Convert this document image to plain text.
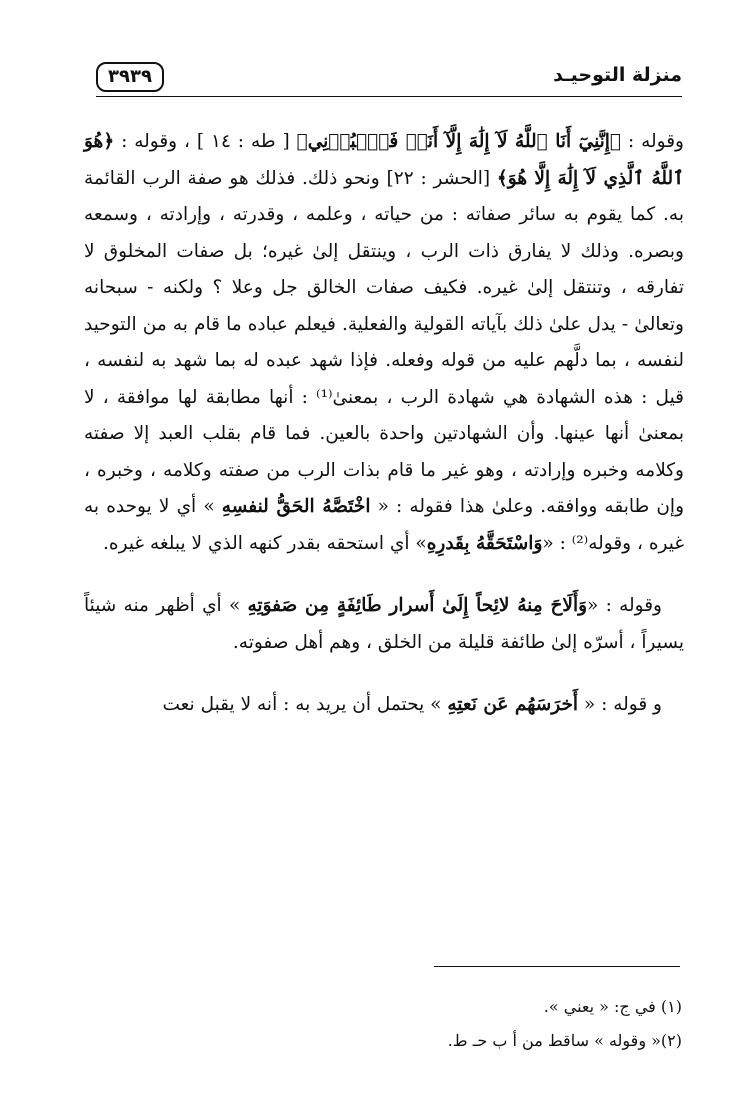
منزلة التوحيـد
٣٩٣٩

وقوله : ﴿إِنَّنِيٓ أَنَا ٱللَّهُ لَآ إِلَٰهَ إِلَّآ أَنَا۠ فَٱعۡبُدۡنِي﴾ [ طه : ١٤ ] ، وقوله : ﴿هُوَ ٱللَّهُ ٱلَّذِي لَآ إِلَٰهَ إِلَّا هُوَ﴾ [الحشر : ٢٢] ونحو ذلك. فذلك هو صفة الرب القائمة به. كما يقوم به سائر صفاته : من حياته ، وعلمه ، وقدرته ، وإرادته ، وسمعه وبصره. وذلك لا يفارق ذات الرب ، وينتقل إلىٰ غيره؛ بل صفات المخلوق لا تفارقه ، وتنتقل إلىٰ غيره. فكيف صفات الخالق جل وعلا ؟ ولكنه - سبحانه وتعالىٰ - يدل علىٰ ذلك بآياته القولية والفعلية. فيعلم عباده ما قام به من التوحيد لنفسه ، بما دلَّهم عليه من قوله وفعله. فإذا شهد عبده له بما شهد به لنفسه ، قيل : هذه الشهادة هي شهادة الرب ، بمعنىٰ⁽¹⁾ : أنها مطابقة لها موافقة ، لا بمعنىٰ أنها عينها. وأن الشهادتين واحدة بالعين. فما قام بقلب العبد إلا صفته وكلامه وخبره وإرادته ، وهو غير ما قام بذات الرب من صفته وكلامه ، وخبره ، وإن طابقه ووافقه. وعلىٰ هذا فقوله : « اخْتَصَّهُ الحَقُّ لنفسِهِ » أي لا يوحده به غيره ، وقوله⁽²⁾ : «وَاسْتَحَقَّهُ بِقَدرِهِ» أي استحقه بقدر كنهه الذي لا يبلغه غيره.

وقوله : «وَأَلَاحَ مِنهُ لائِحاً إِلَىٰ أَسرار طَائِفَةٍ مِن صَفوَتِهِ » أي أظهر منه شيئاً يسيراً ، أسرّه إلىٰ طائفة قليلة من الخلق ، وهم أهل صفوته.

و قوله : « أَخرَسَهُم عَن نَعتِهِ » يحتمل أن يريد به : أنه لا يقبل نعت

(١) في ج: « يعني ».

(٢)« وقوله » ساقط من أ ب حـ ط.
